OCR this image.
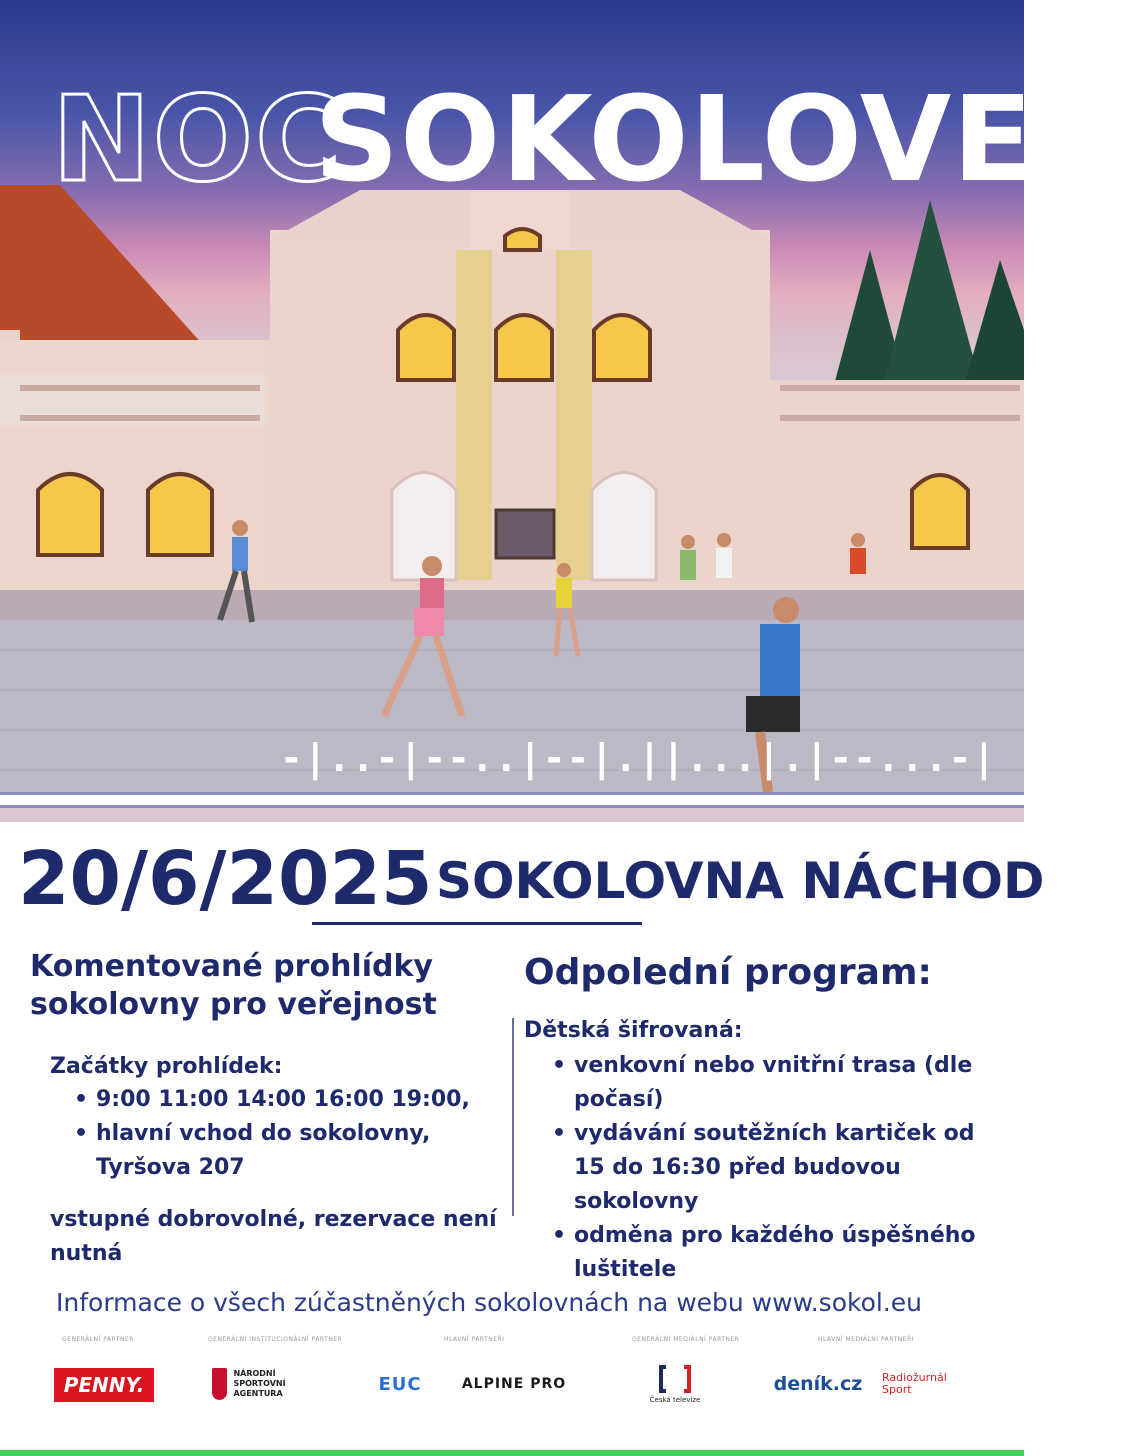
NOC
SOKOLOVEN
-|..-|--..|--|.||...|.|--...-|
20/6/2025 SOKOLOVNA NÁCHOD
Komentované prohlídky
sokolovny pro veřejnost
Začátky prohlídek:
• 9:00 11:00 14:00 16:00 19:00,
• hlavní vchod do sokolovny, Tyršova 207
vstupné dobrovolné, rezervace není nutná
Odpolední program:
Dětská šifrovaná:
• venkovní nebo vnitřní trasa (dle počasí)
• vydávání soutěžních kartiček od 15 do 16:30 před budovou sokolovny
• odměna pro každého úspěšného luštitele
Informace o všech zúčastněných sokolovnách na webu www.sokol.eu
GENERÁLNÍ PARTNER	GENERÁLNÍ INSTITUCIONÁLNÍ PARTNER	HLAVNÍ PARTNEŘI	GENERÁLNÍ MEDIÁLNÍ PARTNER	HLAVNÍ MEDIÁLNÍ PARTNEŘI
PENNY.	NÁRODNÍ SPORTOVNÍ AGENTURA	EUC	ALPINE PRO
Česká televize
deník.cz Radiožurnál Sport
